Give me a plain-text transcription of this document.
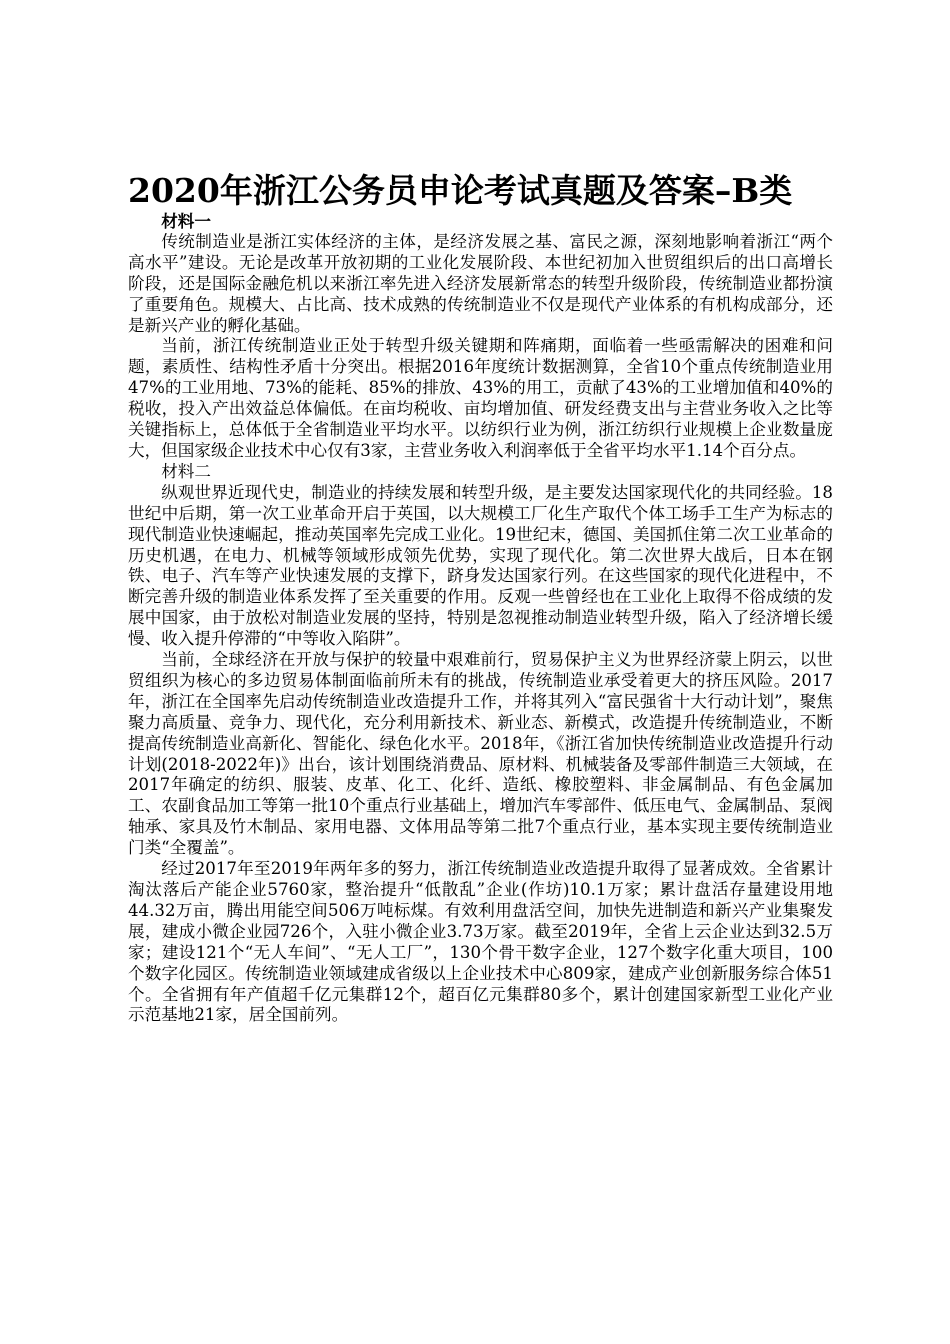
2020年浙江公务员申论考试真题及答案–B类

材料一

传统制造业是浙江实体经济的主体，是经济发展之基、富民之源，深刻地影响着浙江“两个高水平”建设。无论是改革开放初期的工业化发展阶段、本世纪初加入世贸组织后的出口高增长阶段，还是国际金融危机以来浙江率先进入经济发展新常态的转型升级阶段，传统制造业都扮演了重要角色。规模大、占比高、技术成熟的传统制造业不仅是现代产业体系的有机构成部分，还是新兴产业的孵化基础。

当前，浙江传统制造业正处于转型升级关键期和阵痛期，面临着一些亟需解决的困难和问题，素质性、结构性矛盾十分突出。根据2016年度统计数据测算，全省10个重点传统制造业用47%的工业用地、73%的能耗、85%的排放、43%的用工，贡献了43%的工业增加值和40%的税收，投入产出效益总体偏低。在亩均税收、亩均增加值、研发经费支出与主营业务收入之比等关键指标上，总体低于全省制造业平均水平。以纺织行业为例，浙江纺织行业规模上企业数量庞大，但国家级企业技术中心仅有3家，主营业务收入利润率低于全省平均水平1.14个百分点。

材料二

纵观世界近现代史，制造业的持续发展和转型升级，是主要发达国家现代化的共同经验。18世纪中后期，第一次工业革命开启于英国，以大规模工厂化生产取代个体工场手工生产为标志的现代制造业快速崛起，推动英国率先完成工业化。19世纪末，德国、美国抓住第二次工业革命的历史机遇，在电力、机械等领域形成领先优势，实现了现代化。第二次世界大战后，日本在钢铁、电子、汽车等产业快速发展的支撑下，跻身发达国家行列。在这些国家的现代化进程中，不断完善升级的制造业体系发挥了至关重要的作用。反观一些曾经也在工业化上取得不俗成绩的发展中国家，由于放松对制造业发展的坚持，特别是忽视推动制造业转型升级，陷入了经济增长缓慢、收入提升停滞的“中等收入陷阱”。

当前，全球经济在开放与保护的较量中艰难前行，贸易保护主义为世界经济蒙上阴云，以世贸组织为核心的多边贸易体制面临前所未有的挑战，传统制造业承受着更大的挤压风险。2017年，浙江在全国率先启动传统制造业改造提升工作，并将其列入“富民强省十大行动计划”，聚焦聚力高质量、竞争力、现代化，充分利用新技术、新业态、新模式，改造提升传统制造业，不断提高传统制造业高新化、智能化、绿色化水平。2018年，《浙江省加快传统制造业改造提升行动计划(2018-2022年)》出台，该计划围绕消费品、原材料、机械装备及零部件制造三大领域，在2017年确定的纺织、服装、皮革、化工、化纤、造纸、橡胶塑料、非金属制品、有色金属加工、农副食品加工等第一批10个重点行业基础上，增加汽车零部件、低压电气、金属制品、泵阀轴承、家具及竹木制品、家用电器、文体用品等第二批7个重点行业，基本实现主要传统制造业门类“全覆盖”。

经过2017年至2019年两年多的努力，浙江传统制造业改造提升取得了显著成效。全省累计淘汰落后产能企业5760家，整治提升“低散乱”企业(作坊)10.1万家；累计盘活存量建设用地44.32万亩，腾出用能空间506万吨标煤。有效利用盘活空间，加快先进制造和新兴产业集聚发展，建成小微企业园726个，入驻小微企业3.73万家。截至2019年，全省上云企业达到32.5万家；建设121个“无人车间”、“无人工厂”，130个骨干数字企业，127个数字化重大项目，100个数字化园区。传统制造业领域建成省级以上企业技术中心809家，建成产业创新服务综合体51个。全省拥有年产值超千亿元集群12个，超百亿元集群80多个，累计创建国家新型工业化产业示范基地21家，居全国前列。
